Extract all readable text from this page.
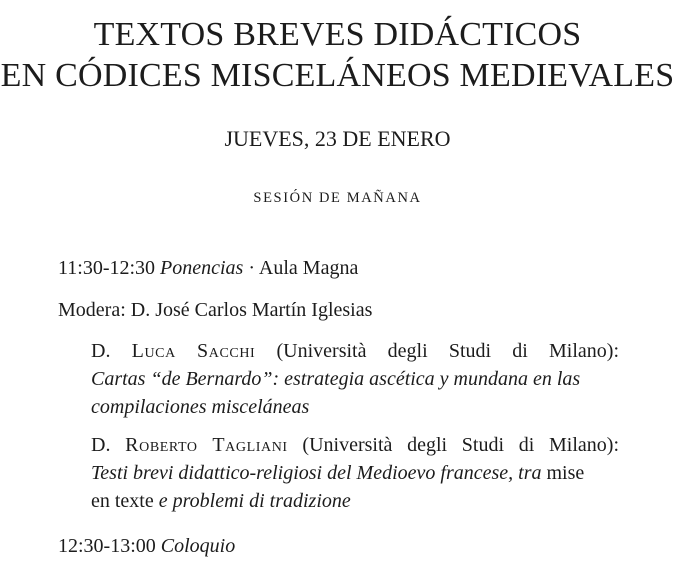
TEXTOS BREVES DIDÁCTICOS
EN CÓDICES MISCELÁNEOS MEDIEVALES
JUEVES, 23 DE ENERO
SESIÓN DE MAÑANA
11:30-12:30 Ponencias · Aula Magna
Modera: D. José Carlos Martín Iglesias
D. Luca Sacchi (Università degli Studi di Milano):
Cartas “de Bernardo”: estrategia ascética y mundana en las
compilaciones misceláneas
D. Roberto Tagliani (Università degli Studi di Milano):
Testi brevi didattico-religiosi del Medioevo francese, tra mise
en texte e problemi di tradizione
12:30-13:00 Coloquio
